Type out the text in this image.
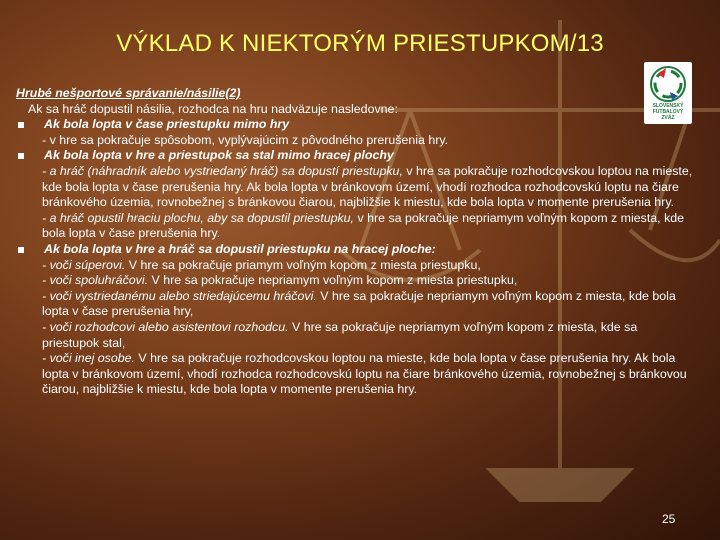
VÝKLAD K NIEKTORÝM PRIESTUPKOM/13
SLOVENSKÝ
FUTBALOVÝ
ZVÄZ
Hrubé nešportové správanie/násilie(2)
Ak sa hráč dopustil násilia, rozhodca na hru nadväzuje nasledovne:
Ak bola lopta v čase priestupku mimo hry
- v hre sa pokračuje spôsobom, vyplývajúcim z pôvodného prerušenia hry.
Ak bola lopta v hre a priestupok sa stal mimo hracej plochy
- a hráč (náhradník alebo vystriedaný hráč) sa dopustí priestupku, v hre sa pokračuje rozhodcovskou loptou na mieste, kde bola lopta v čase prerušenia hry. Ak bola lopta v bránkovom území, vhodí rozhodca rozhodcovskú loptu na čiare bránkového územia, rovnobežnej s bránkovou čiarou, najbližšie k miestu, kde bola lopta v momente prerušenia hry.
- a hráč opustil hraciu plochu, aby sa dopustil priestupku, v hre sa pokračuje nepriamym voľným kopom z miesta, kde bola lopta v čase prerušenia hry.
Ak bola lopta v hre a hráč sa dopustil priestupku na hracej ploche:
- voči súperovi. V hre sa pokračuje priamym voľným kopom z miesta priestupku,
- voči spoluhráčovi. V hre sa pokračuje nepriamym voľným kopom z miesta priestupku,
- voči vystriedanému alebo striedajúcemu hráčovi. V hre sa pokračuje nepriamym voľným kopom z miesta, kde bola lopta v čase prerušenia hry,
- voči rozhodcovi alebo asistentovi rozhodcu. V hre sa pokračuje nepriamym voľným kopom z miesta, kde sa priestupok stal,
- voči inej osobe. V hre sa pokračuje rozhodcovskou loptou na mieste, kde bola lopta v čase prerušenia hry. Ak bola lopta v bránkovom území, vhodí rozhodca rozhodcovskú loptu na čiare bránkového územia, rovnobežnej s bránkovou čiarou, najbližšie k miestu, kde bola lopta v momente prerušenia hry.
25
